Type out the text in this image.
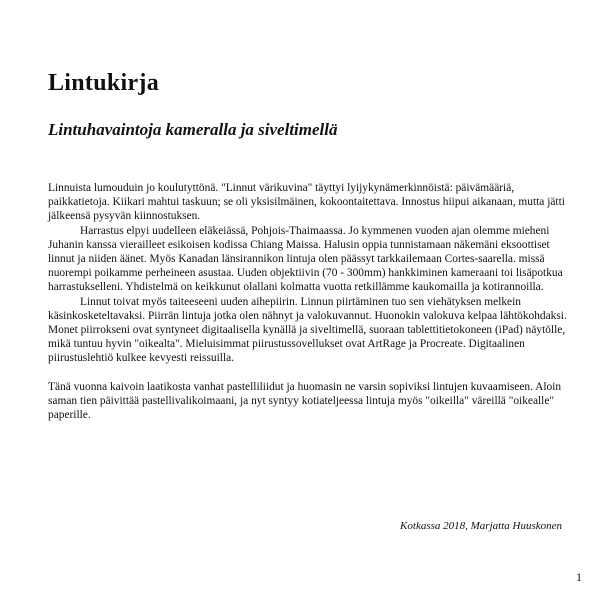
Lintukirja
Lintuhavaintoja kameralla ja siveltimellä

Linnuista lumouduin jo koulutyttönä. "Linnut värikuvina" täyttyi lyijykynämerkinnöistä: päivämääriä, paikkatietoja. Kiikari mahtui taskuun; se oli yksisilmäinen, kokoontaitettava. Innostus hiipui aikanaan, mutta jätti jälkeensä pysyvän kiinnostuksen.

Harrastus elpyi uudelleen eläkeiässä, Pohjois-Thaimaassa. Jo kymmenen vuoden ajan olemme mieheni Juhanin kanssa vierailleet esikoisen kodissa Chiang Maissa. Halusin oppia tunnistamaan näkemäni eksoottiset linnut ja niiden äänet. Myös Kanadan länsirannikon lintuja olen päässyt tarkkailemaan Cortes-saarella. missä nuorempi poikamme perheineen asustaa. Uuden objektiivin (70 - 300mm) hankkiminen kameraani toi lisäpotkua harrastukselleni. Yhdistelmä on keikkunut olallani kolmatta vuotta retkillämme kaukomailla ja kotirannoilla.

Linnut toivat myös taiteeseeni uuden aihepiirin. Linnun piirtäminen tuo sen viehätyksen melkein käsinkosketeltavaksi. Piirrän lintuja jotka olen nähnyt ja valokuvannut. Huonokin valokuva kelpaa lähtökohdaksi. Monet piirrokseni ovat syntyneet digitaalisella kynällä ja siveltimellä, suoraan tablettitietokoneen (iPad) näytölle, mikä tuntuu hyvin "oikealta". Mieluisimmat piirustussovellukset ovat ArtRage ja Procreate. Digitaalinen piirustuslehtiö kulkee kevyesti reissuilla.

Tänä vuonna kaivoin laatikosta vanhat pastelliliidut ja huomasin ne varsin sopiviksi lintujen kuvaamiseen. Aloin saman tien päivittää pastellivalikoimaani, ja nyt syntyy kotiateljeessa lintuja myös "oikeilla" väreillä "oikealle" paperille.

Kotkassa 2018, Marjatta Huuskonen

1
